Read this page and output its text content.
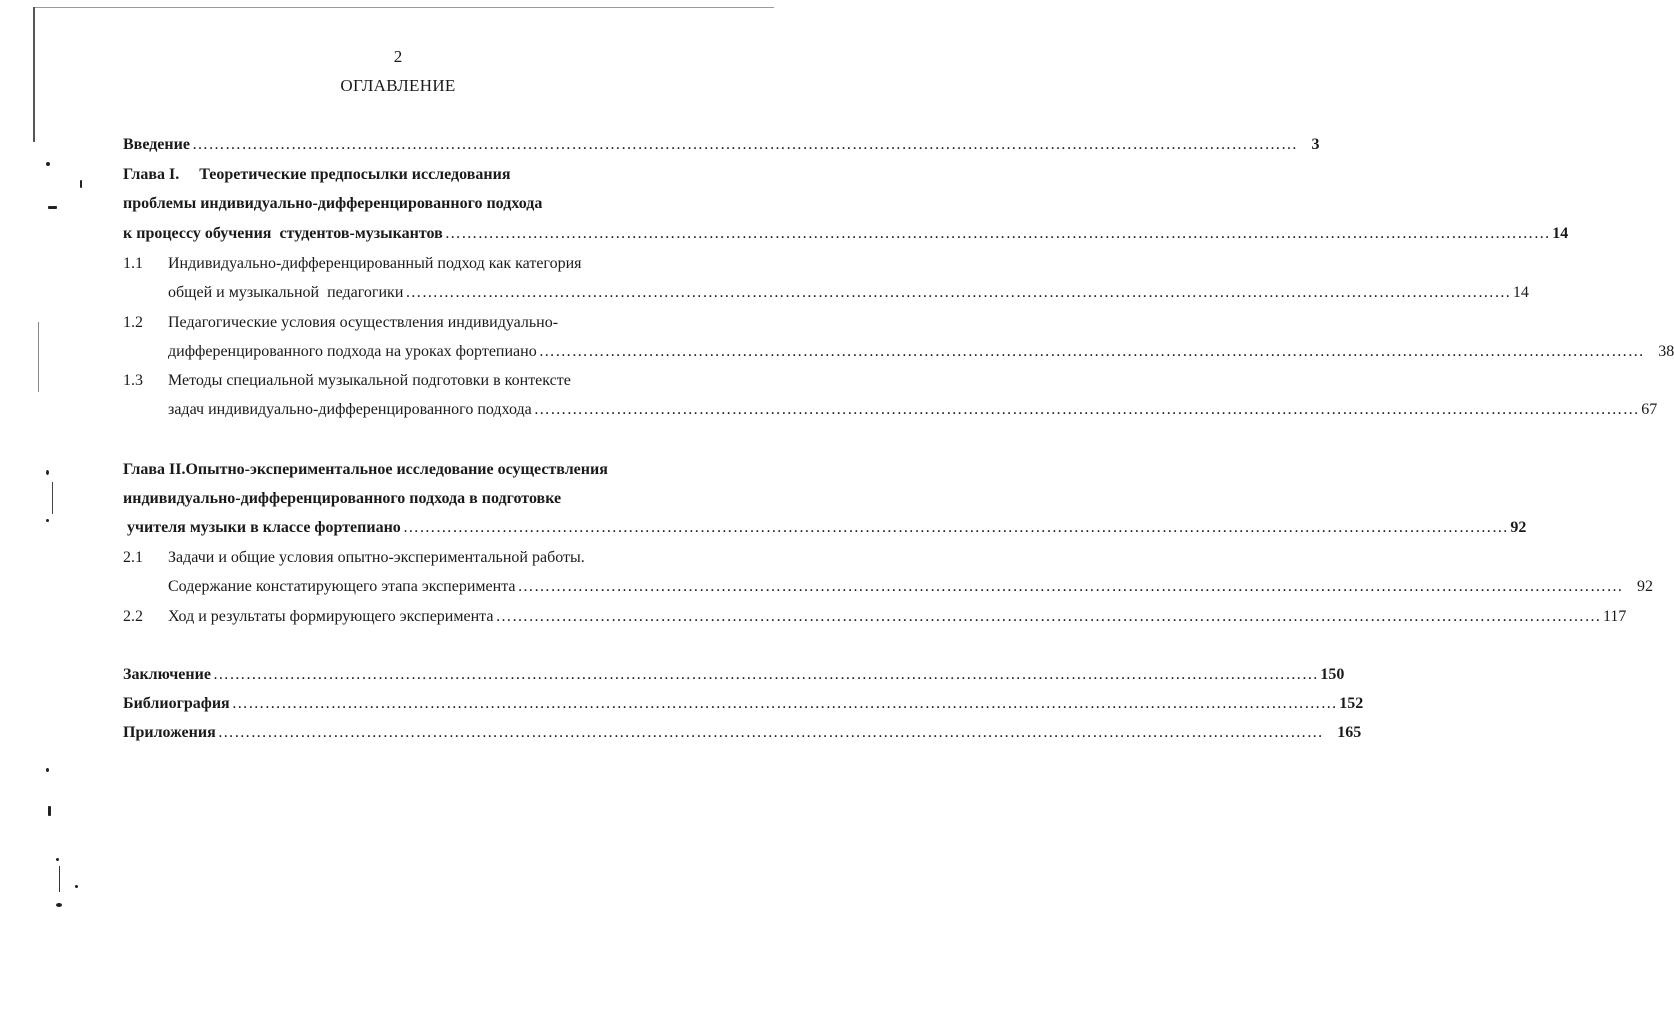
2
ОГЛАВЛЕНИЕ
Введение ………………………………………………………………………………………………………………………………………………………………………………… 3
Глава I.     Теоретические предпосылки исследования
проблемы индивидуально-дифференцированного подхода
к процессу обучения  студентов-музыкантов ………………………………………………………………………………………………………………………………………………………………………………… 14
1.1 Индивидуально-дифференцированный подход как категория
общей и музыкальной  педагогики ………………………………………………………………………………………………………………………………………………………………………………… 14
1.2 Педагогические условия осуществления индивидуально-
дифференцированного подхода на уроках фортепиано ………………………………………………………………………………………………………………………………………………………………………………… 38
1.3 Методы специальной музыкальной подготовки в контексте
задач индивидуально-дифференцированного подхода ………………………………………………………………………………………………………………………………………………………………………………… 67
Глава II.Опытно-экспериментальное исследование осуществления
индивидуально-дифференцированного подхода в подготовке
учителя музыки в классе фортепиано ………………………………………………………………………………………………………………………………………………………………………………… 92
2.1 Задачи и общие условия опытно-экспериментальной работы.
Содержание констатирующего этапа эксперимента ………………………………………………………………………………………………………………………………………………………………………………… 92
2.2 Ход и результаты формирующего эксперимента ………………………………………………………………………………………………………………………………………………………………………………… 117
Заключение ………………………………………………………………………………………………………………………………………………………………………………… 150
Библиография ………………………………………………………………………………………………………………………………………………………………………………… 152
Приложения ………………………………………………………………………………………………………………………………………………………………………………… 165
